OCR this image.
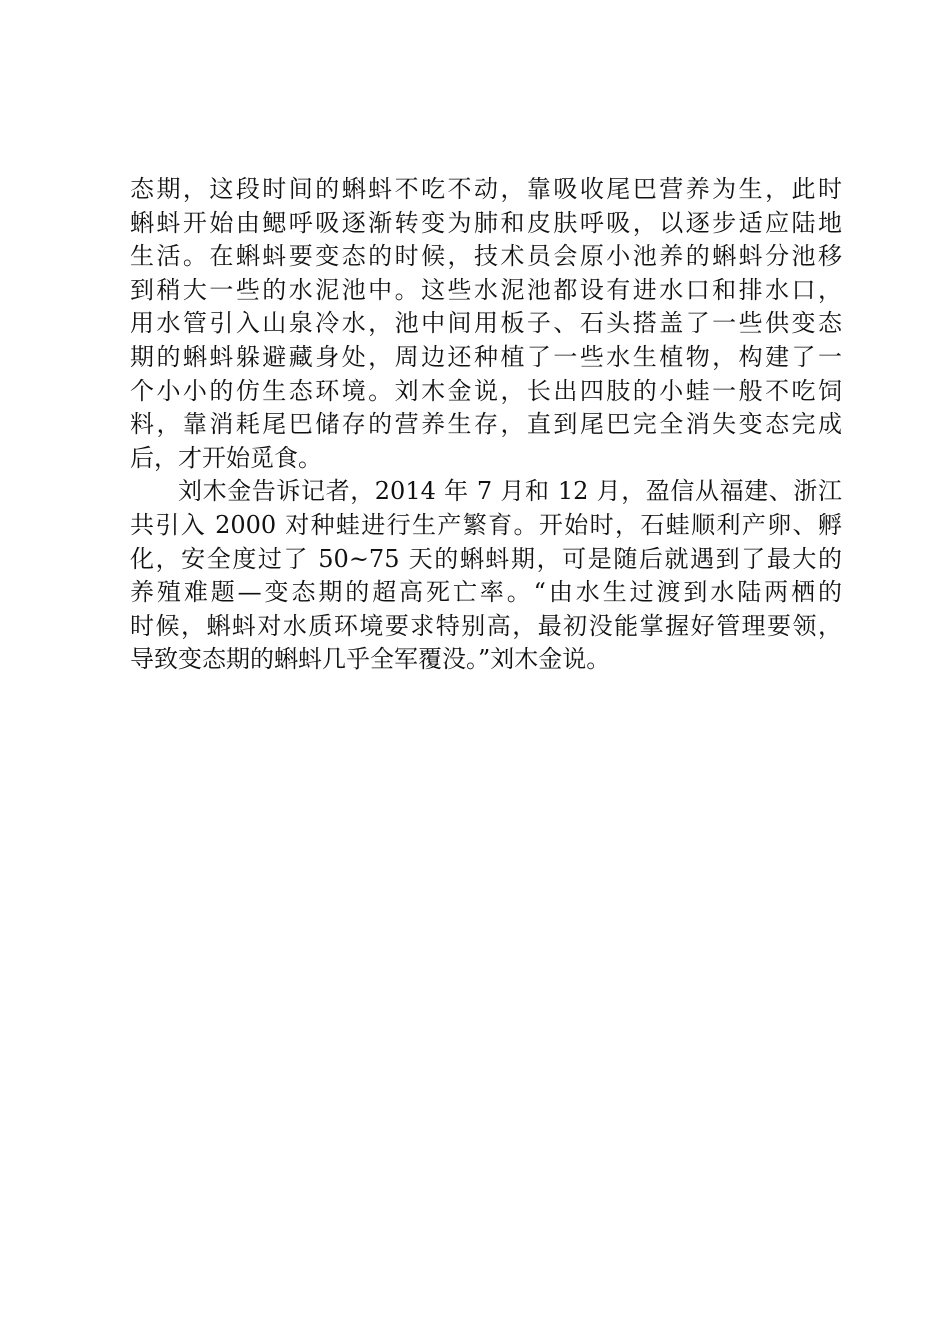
态期，这段时间的蝌蚪不吃不动，靠吸收尾巴营养为生，此时
蝌蚪开始由鳃呼吸逐渐转变为肺和皮肤呼吸，以逐步适应陆地
生活。在蝌蚪要变态的时候，技术员会原小池养的蝌蚪分池移
到稍大一些的水泥池中。这些水泥池都设有进水口和排水口，
用水管引入山泉冷水，池中间用板子、石头搭盖了一些供变态
期的蝌蚪躲避藏身处，周边还种植了一些水生植物，构建了一
个小小的仿生态环境。刘木金说，长出四肢的小蛙一般不吃饲
料，靠消耗尾巴储存的营养生存，直到尾巴完全消失变态完成
后，才开始觅食。

刘木金告诉记者，2014 年 7 月和 12 月，盈信从福建、浙江
共引入 2000 对种蛙进行生产繁育。开始时，石蛙顺利产卵、孵
化，安全度过了 50~75 天的蝌蚪期，可是随后就遇到了最大的
养殖难题—变态期的超高死亡率。“由水生过渡到水陆两栖的
时候，蝌蚪对水质环境要求特别高，最初没能掌握好管理要领，
导致变态期的蝌蚪几乎全军覆没。”刘木金说。
